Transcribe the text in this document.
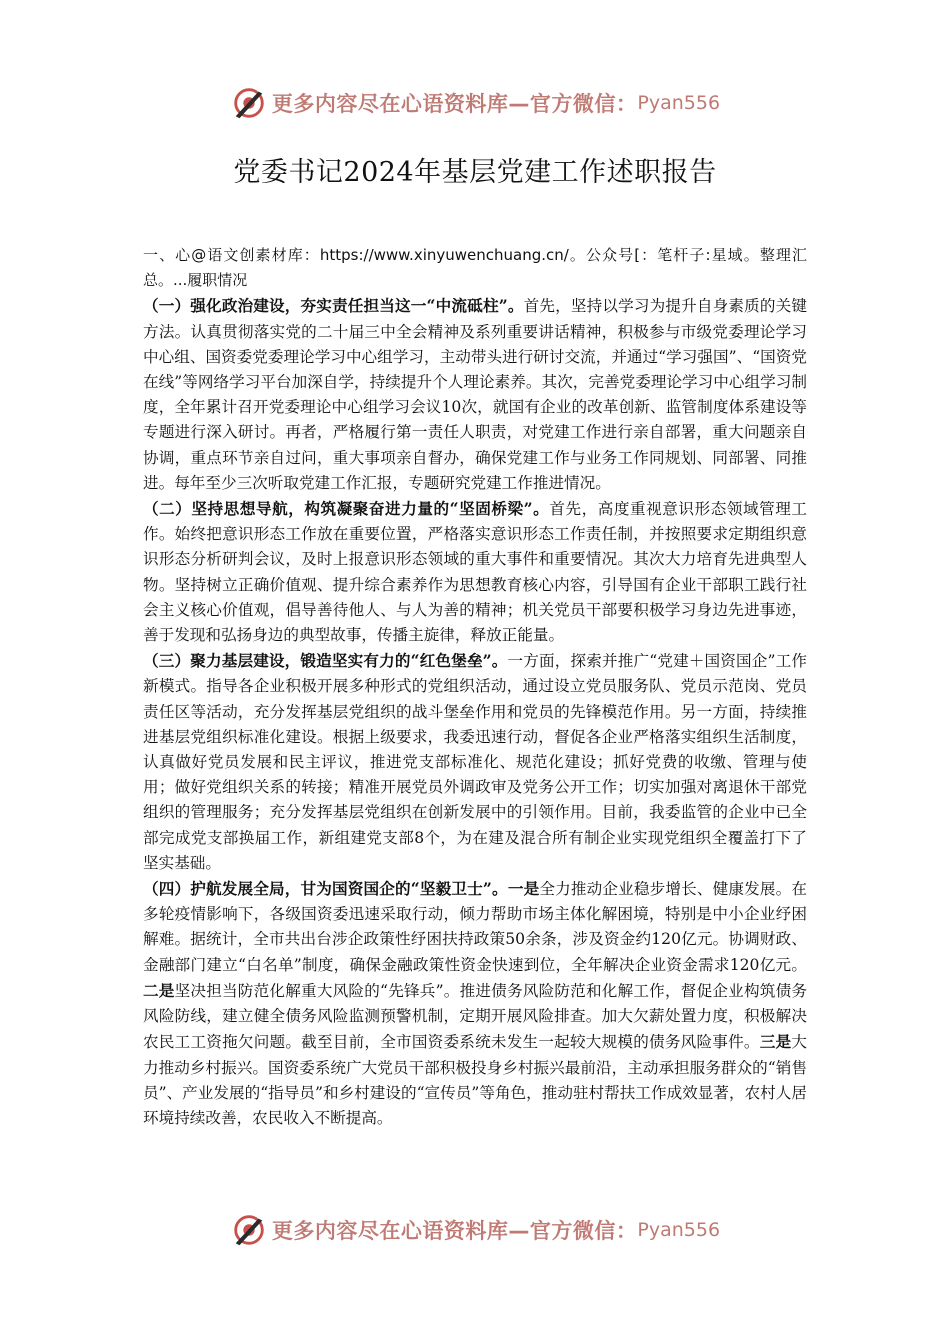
更多内容尽在心语资料库—官方微信： Pyan556
党委书记2024年基层党建工作述职报告

一、心@语文创素材库：https://www.xinyuwenchuang.cn/。公众号[：笔杆子:星域。整理汇总。...履职情况

（一）强化政治建设，夯实责任担当这一“中流砥柱”。首先，坚持以学习为提升自身素质的关键方法。认真贯彻落实党的二十届三中全会精神及系列重要讲话精神，积极参与市级党委理论学习中心组、国资委党委理论学习中心组学习，主动带头进行研讨交流，并通过“学习强国”、“国资党在线”等网络学习平台加深自学，持续提升个人理论素养。其次，完善党委理论学习中心组学习制度，全年累计召开党委理论中心组学习会议10次，就国有企业的改革创新、监管制度体系建设等专题进行深入研讨。再者，严格履行第一责任人职责，对党建工作进行亲自部署，重大问题亲自协调，重点环节亲自过问，重大事项亲自督办，确保党建工作与业务工作同规划、同部署、同推进。每年至少三次听取党建工作汇报，专题研究党建工作推进情况。

（二）坚持思想导航，构筑凝聚奋进力量的“坚固桥梁”。首先，高度重视意识形态领域管理工作。始终把意识形态工作放在重要位置，严格落实意识形态工作责任制，并按照要求定期组织意识形态分析研判会议，及时上报意识形态领域的重大事件和重要情况。其次大力培育先进典型人物。坚持树立正确价值观、提升综合素养作为思想教育核心内容，引导国有企业干部职工践行社会主义核心价值观，倡导善待他人、与人为善的精神；机关党员干部要积极学习身边先进事迹，善于发现和弘扬身边的典型故事，传播主旋律，释放正能量。

（三）聚力基层建设，锻造坚实有力的“红色堡垒”。一方面，探索并推广“党建＋国资国企”工作新模式。指导各企业积极开展多种形式的党组织活动，通过设立党员服务队、党员示范岗、党员责任区等活动，充分发挥基层党组织的战斗堡垒作用和党员的先锋模范作用。另一方面，持续推进基层党组织标准化建设。根据上级要求，我委迅速行动，督促各企业严格落实组织生活制度，认真做好党员发展和民主评议，推进党支部标准化、规范化建设；抓好党费的收缴、管理与使用；做好党组织关系的转接；精准开展党员外调政审及党务公开工作；切实加强对离退休干部党组织的管理服务；充分发挥基层党组织在创新发展中的引领作用。目前，我委监管的企业中已全部完成党支部换届工作，新组建党支部8个，为在建及混合所有制企业实现党组织全覆盖打下了坚实基础。

（四）护航发展全局，甘为国资国企的“坚毅卫士”。一是全力推动企业稳步增长、健康发展。在多轮疫情影响下，各级国资委迅速采取行动，倾力帮助市场主体化解困境，特别是中小企业纾困解难。据统计，全市共出台涉企政策性纾困扶持政策50余条，涉及资金约120亿元。协调财政、金融部门建立“白名单”制度，确保金融政策性资金快速到位，全年解决企业资金需求120亿元。二是坚决担当防范化解重大风险的“先锋兵”。推进债务风险防范和化解工作，督促企业构筑债务风险防线，建立健全债务风险监测预警机制，定期开展风险排查。加大欠薪处置力度，积极解决农民工工资拖欠问题。截至目前，全市国资委系统未发生一起较大规模的债务风险事件。三是大力推动乡村振兴。国资委系统广大党员干部积极投身乡村振兴最前沿，主动承担服务群众的“销售员”、产业发展的“指导员”和乡村建设的“宣传员”等角色，推动驻村帮扶工作成效显著，农村人居环境持续改善，农民收入不断提高。

更多内容尽在心语资料库—官方微信： Pyan556
